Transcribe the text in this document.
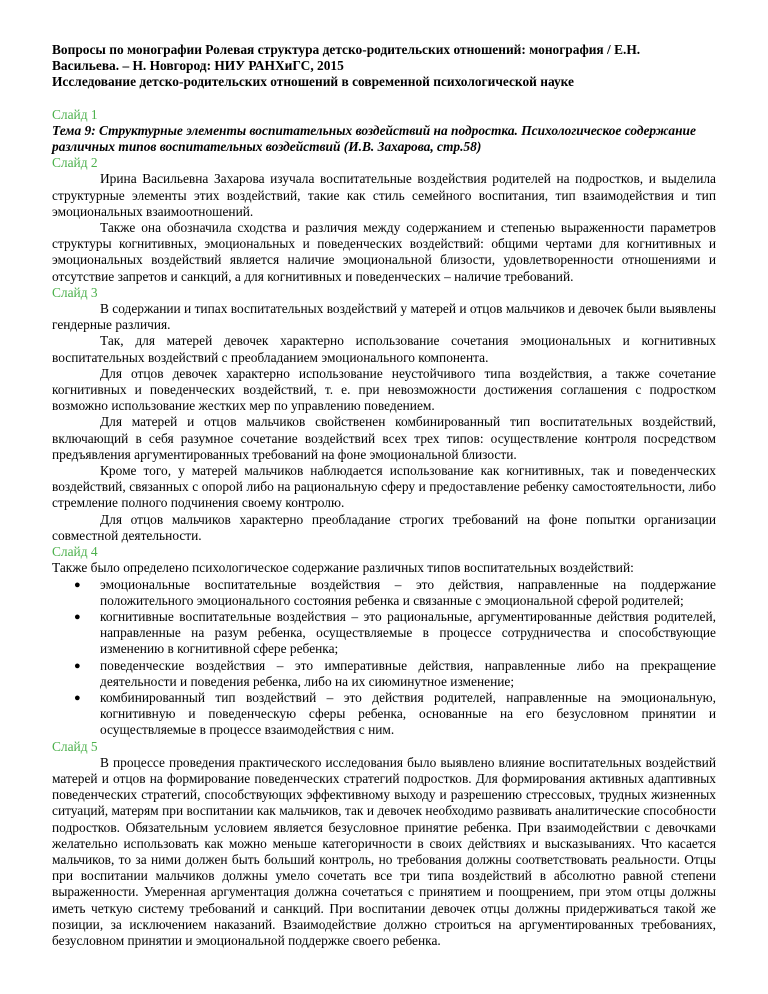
Вопросы по монографии Ролевая структура детско-родительских отношений: монография / Е.Н.
Васильева. – Н. Новгород: НИУ РАНХиГС, 2015
Исследование детско-родительских отношений в современной психологической науке
Слайд 1
Тема 9: Структурные элементы воспитательных воздействий на подростка. Психологическое содержание различных типов воспитательных воздействий (И.В. Захарова, стр.58)
Слайд 2

Ирина Васильевна Захарова изучала воспитательные воздействия родителей на подростков, и выделила структурные элементы этих воздействий, такие как стиль семейного воспитания, тип взаимодействия и тип эмоциональных взаимоотношений.

Также она обозначила сходства и различия между содержанием и степенью выраженности параметров структуры когнитивных, эмоциональных и поведенческих воздействий: общими чертами для когнитивных и эмоциональных воздействий является наличие эмоциональной близости, удовлетворенности отношениями и отсутствие запретов и санкций, а для когнитивных и поведенческих – наличие требований.

Слайд 3

В содержании и типах воспитательных воздействий у матерей и отцов мальчиков и девочек были выявлены гендерные различия.

Так, для матерей девочек характерно использование сочетания эмоциональных и когнитивных воспитательных воздействий с преобладанием эмоционального компонента.

Для отцов девочек характерно использование неустойчивого типа воздействия, а также сочетание когнитивных и поведенческих воздействий, т. е. при невозможности достижения соглашения с подростком возможно использование жестких мер по управлению поведением.

Для матерей и отцов мальчиков свойственен комбинированный тип воспитательных воздействий, включающий в себя разумное сочетание воздействий всех трех типов: осуществление контроля посредством предъявления аргументированных требований на фоне эмоциональной близости.

Кроме того, у матерей мальчиков наблюдается использование как когнитивных, так и поведенческих воздействий, связанных с опорой либо на рациональную сферу и предоставление ребенку самостоятельности, либо стремление полного подчинения своему контролю.

Для отцов мальчиков характерно преобладание строгих требований на фоне попытки организации совместной деятельности.

Слайд 4

Также было определено психологическое содержание различных типов воспитательных воздействий:

● эмоциональные воспитательные воздействия – это действия, направленные на поддержание положительного эмоционального состояния ребенка и связанные с эмоциональной сферой родителей;
● когнитивные воспитательные воздействия – это рациональные, аргументированные действия родителей, направленные на разум ребенка, осуществляемые в процессе сотрудничества и способствующие изменению в когнитивной сфере ребенка;
● поведенческие воздействия – это императивные действия, направленные либо на прекращение деятельности и поведения ребенка, либо на их сиюминутное изменение;
● комбинированный тип воздействий – это действия родителей, направленные на эмоциональную, когнитивную и поведенческую сферы ребенка, основанные на его безусловном принятии и осуществляемые в процессе взаимодействия с ним.
Слайд 5

В процессе проведения практического исследования было выявлено влияние воспитательных воздействий матерей и отцов на формирование поведенческих стратегий подростков. Для формирования активных адаптивных поведенческих стратегий, способствующих эффективному выходу и разрешению стрессовых, трудных жизненных ситуаций, матерям при воспитании как мальчиков, так и девочек необходимо развивать аналитические способности подростков. Обязательным условием является безусловное принятие ребенка. При взаимодействии с девочками желательно использовать как можно меньше категоричности в своих действиях и высказываниях. Что касается мальчиков, то за ними должен быть больший контроль, но требования должны соответствовать реальности. Отцы при воспитании мальчиков должны умело сочетать все три типа воздействий в абсолютно равной степени выраженности. Умеренная аргументация должна сочетаться с принятием и поощрением, при этом отцы должны иметь четкую систему требований и санкций. При воспитании девочек отцы должны придерживаться такой же позиции, за исключением наказаний. Взаимодействие должно строиться на аргументированных требованиях, безусловном принятии и эмоциональной поддержке своего ребенка.
